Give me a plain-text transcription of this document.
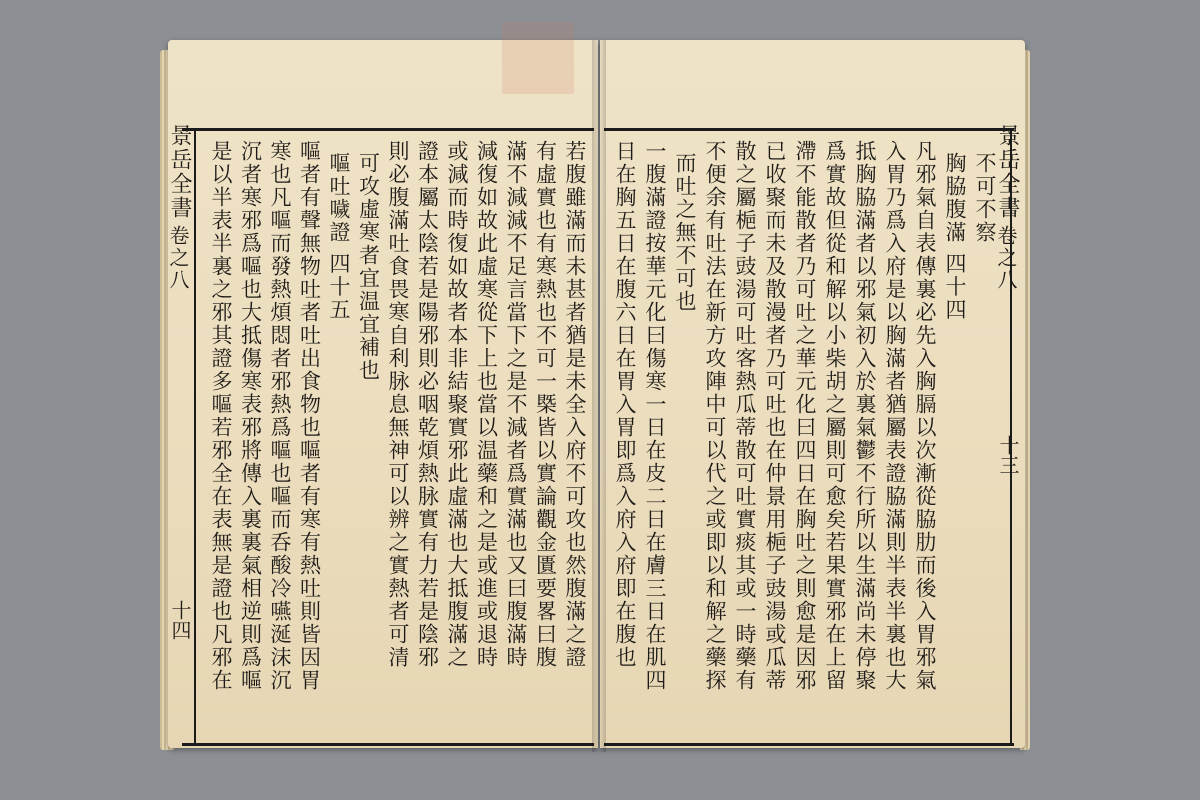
若腹雖滿而未甚者猶是未全入府不可攻也然腹滿之證
有虛實也有寒熱也不可一槩皆以實論觀金匱要畧曰腹
滿不減減不足言當下之是不減者爲實滿也又曰腹滿時
減復如故此虛寒從下上也當以温藥和之是或進或退時
或減而時復如故者本非結聚實邪此虛滿也大抵腹滿之
證本屬太陰若是陽邪則必咽乾煩熱脉實有力若是陰邪
則必腹滿吐食畏寒自利脉息無神可以辨之實熱者可清
可攻虛寒者宜温宜補也
嘔吐噦證 四十五
嘔者有聲無物吐者吐出食物也嘔者有寒有熱吐則皆因胃
寒也凡嘔而發熱煩悶者邪熱爲嘔也嘔而呑酸冷嚥涎沫沉
沉者寒邪爲嘔也大抵傷寒表邪將傳入裏裏氣相逆則爲嘔
是以半表半裏之邪其證多嘔若邪全在表無是證也凡邪在	不可不察
胸脇腹滿 四十四
凡邪氣自表傳裏必先入胸膈以次漸從脇肋而後入胃邪氣
入胃乃爲入府是以胸滿者猶屬表證脇滿則半表半裏也大
抵胸脇滿者以邪氣初入於裏氣鬱不行所以生滿尚未停聚
爲實故但從和解以小柴胡之屬則可愈矣若果實邪在上留
滯不能散者乃可吐之華元化曰四日在胸吐之則愈是因邪
已收聚而未及散漫者乃可吐也在仲景用梔子豉湯或瓜蒂
散之屬梔子豉湯可吐客熱瓜蒂散可吐實痰其或一時藥有
不便余有吐法在新方攻陣中可以代之或即以和解之藥探
而吐之無不可也
一腹滿證按華元化曰傷寒一日在皮二日在膚三日在肌四
日在胸五日在腹六日在胃入胃即爲入府入府即在腹也
景岳全書
卷之八
十四
景岳全書
卷之八
十三
